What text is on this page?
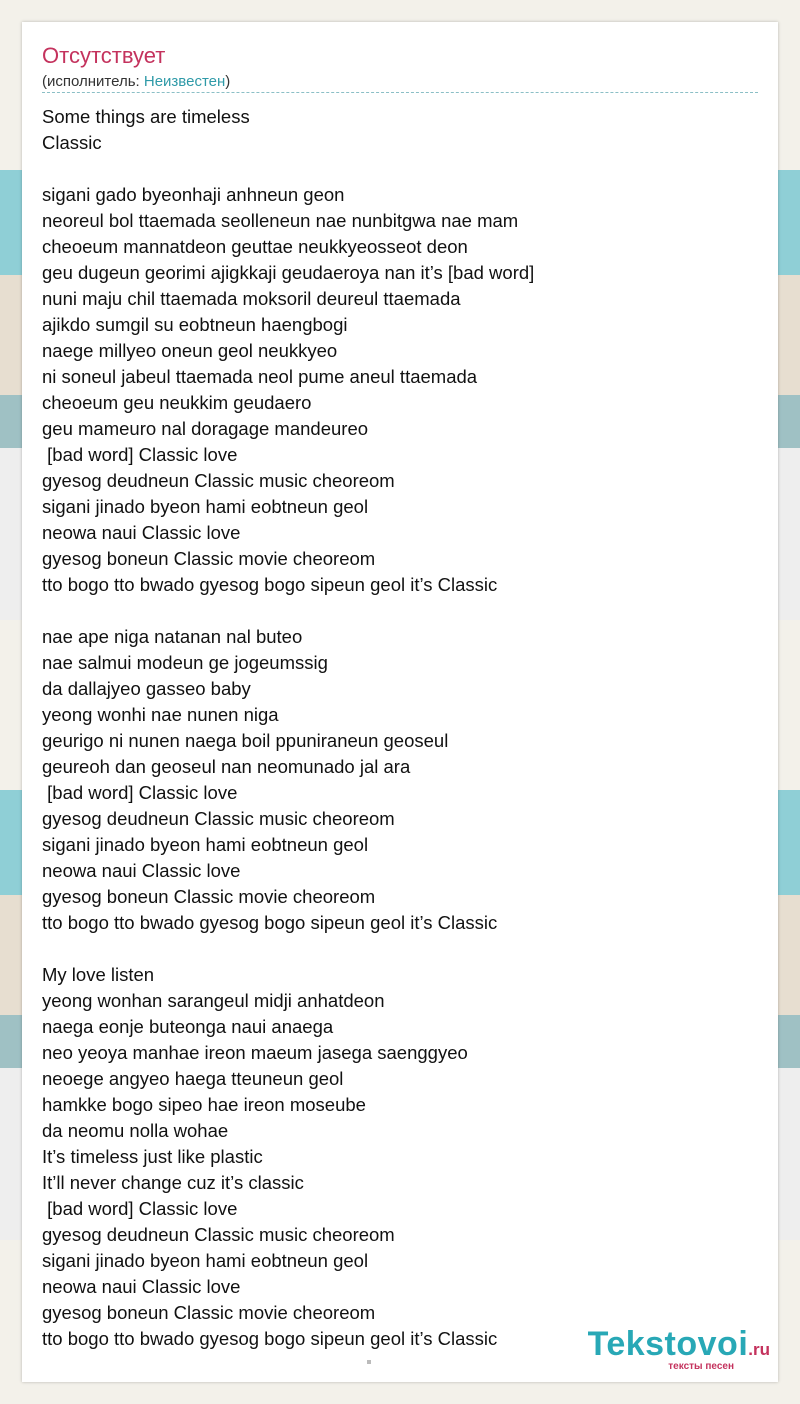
Отсутствует
(исполнитель: Неизвестен)
Some things are timeless
Classic
sigani gado byeonhaji anhneun geon
neoreul bol ttaemada seolleneun nae nunbitgwa nae mam
cheoeum mannatdeon geuttae neukkyeosseot deon
geu dugeun georimi ajigkkaji geudaeroya nan it’s [bad word]
nuni maju chil ttaemada moksoril deureul ttaemada
ajikdo sumgil su eobtneun haengbogi
naege millyeo oneun geol neukkyeo
ni soneul jabeul ttaemada neol pume aneul ttaemada
cheoeum geu neukkim geudaero
geu mameuro nal doragage mandeureo
[bad word] Classic love
gyesog deudneun Classic music cheoreom
sigani jinado byeon hami eobtneun geol
neowa naui Classic love
gyesog boneun Classic movie cheoreom
tto bogo tto bwado gyesog bogo sipeun geol it’s Classic
nae ape niga natanan nal buteo
nae salmui modeun ge jogeumssig
da dallajyeo gasseo baby
yeong wonhi nae nunen niga
geurigo ni nunen naega boil ppuniraneun geoseul
geureoh dan geoseul nan neomunado jal ara
[bad word] Classic love
gyesog deudneun Classic music cheoreom
sigani jinado byeon hami eobtneun geol
neowa naui Classic love
gyesog boneun Classic movie cheoreom
tto bogo tto bwado gyesog bogo sipeun geol it’s Classic
My love listen
yeong wonhan sarangeul midji anhatdeon
naega eonje buteonga naui anaega
neo yeoya manhae ireon maeum jasega saenggyeo
neoege angyeo haega tteuneun geol
hamkke bogo sipeo hae ireon moseube
da neomu nolla wohae
It’s timeless just like plastic
It’ll never change cuz it’s classic
[bad word] Classic love
gyesog deudneun Classic music cheoreom
sigani jinado byeon hami eobtneun geol
neowa naui Classic love
gyesog boneun Classic movie cheoreom
tto bogo tto bwado gyesog bogo sipeun geol it’s Classic	Tekstovoi.ru
тексты песен
